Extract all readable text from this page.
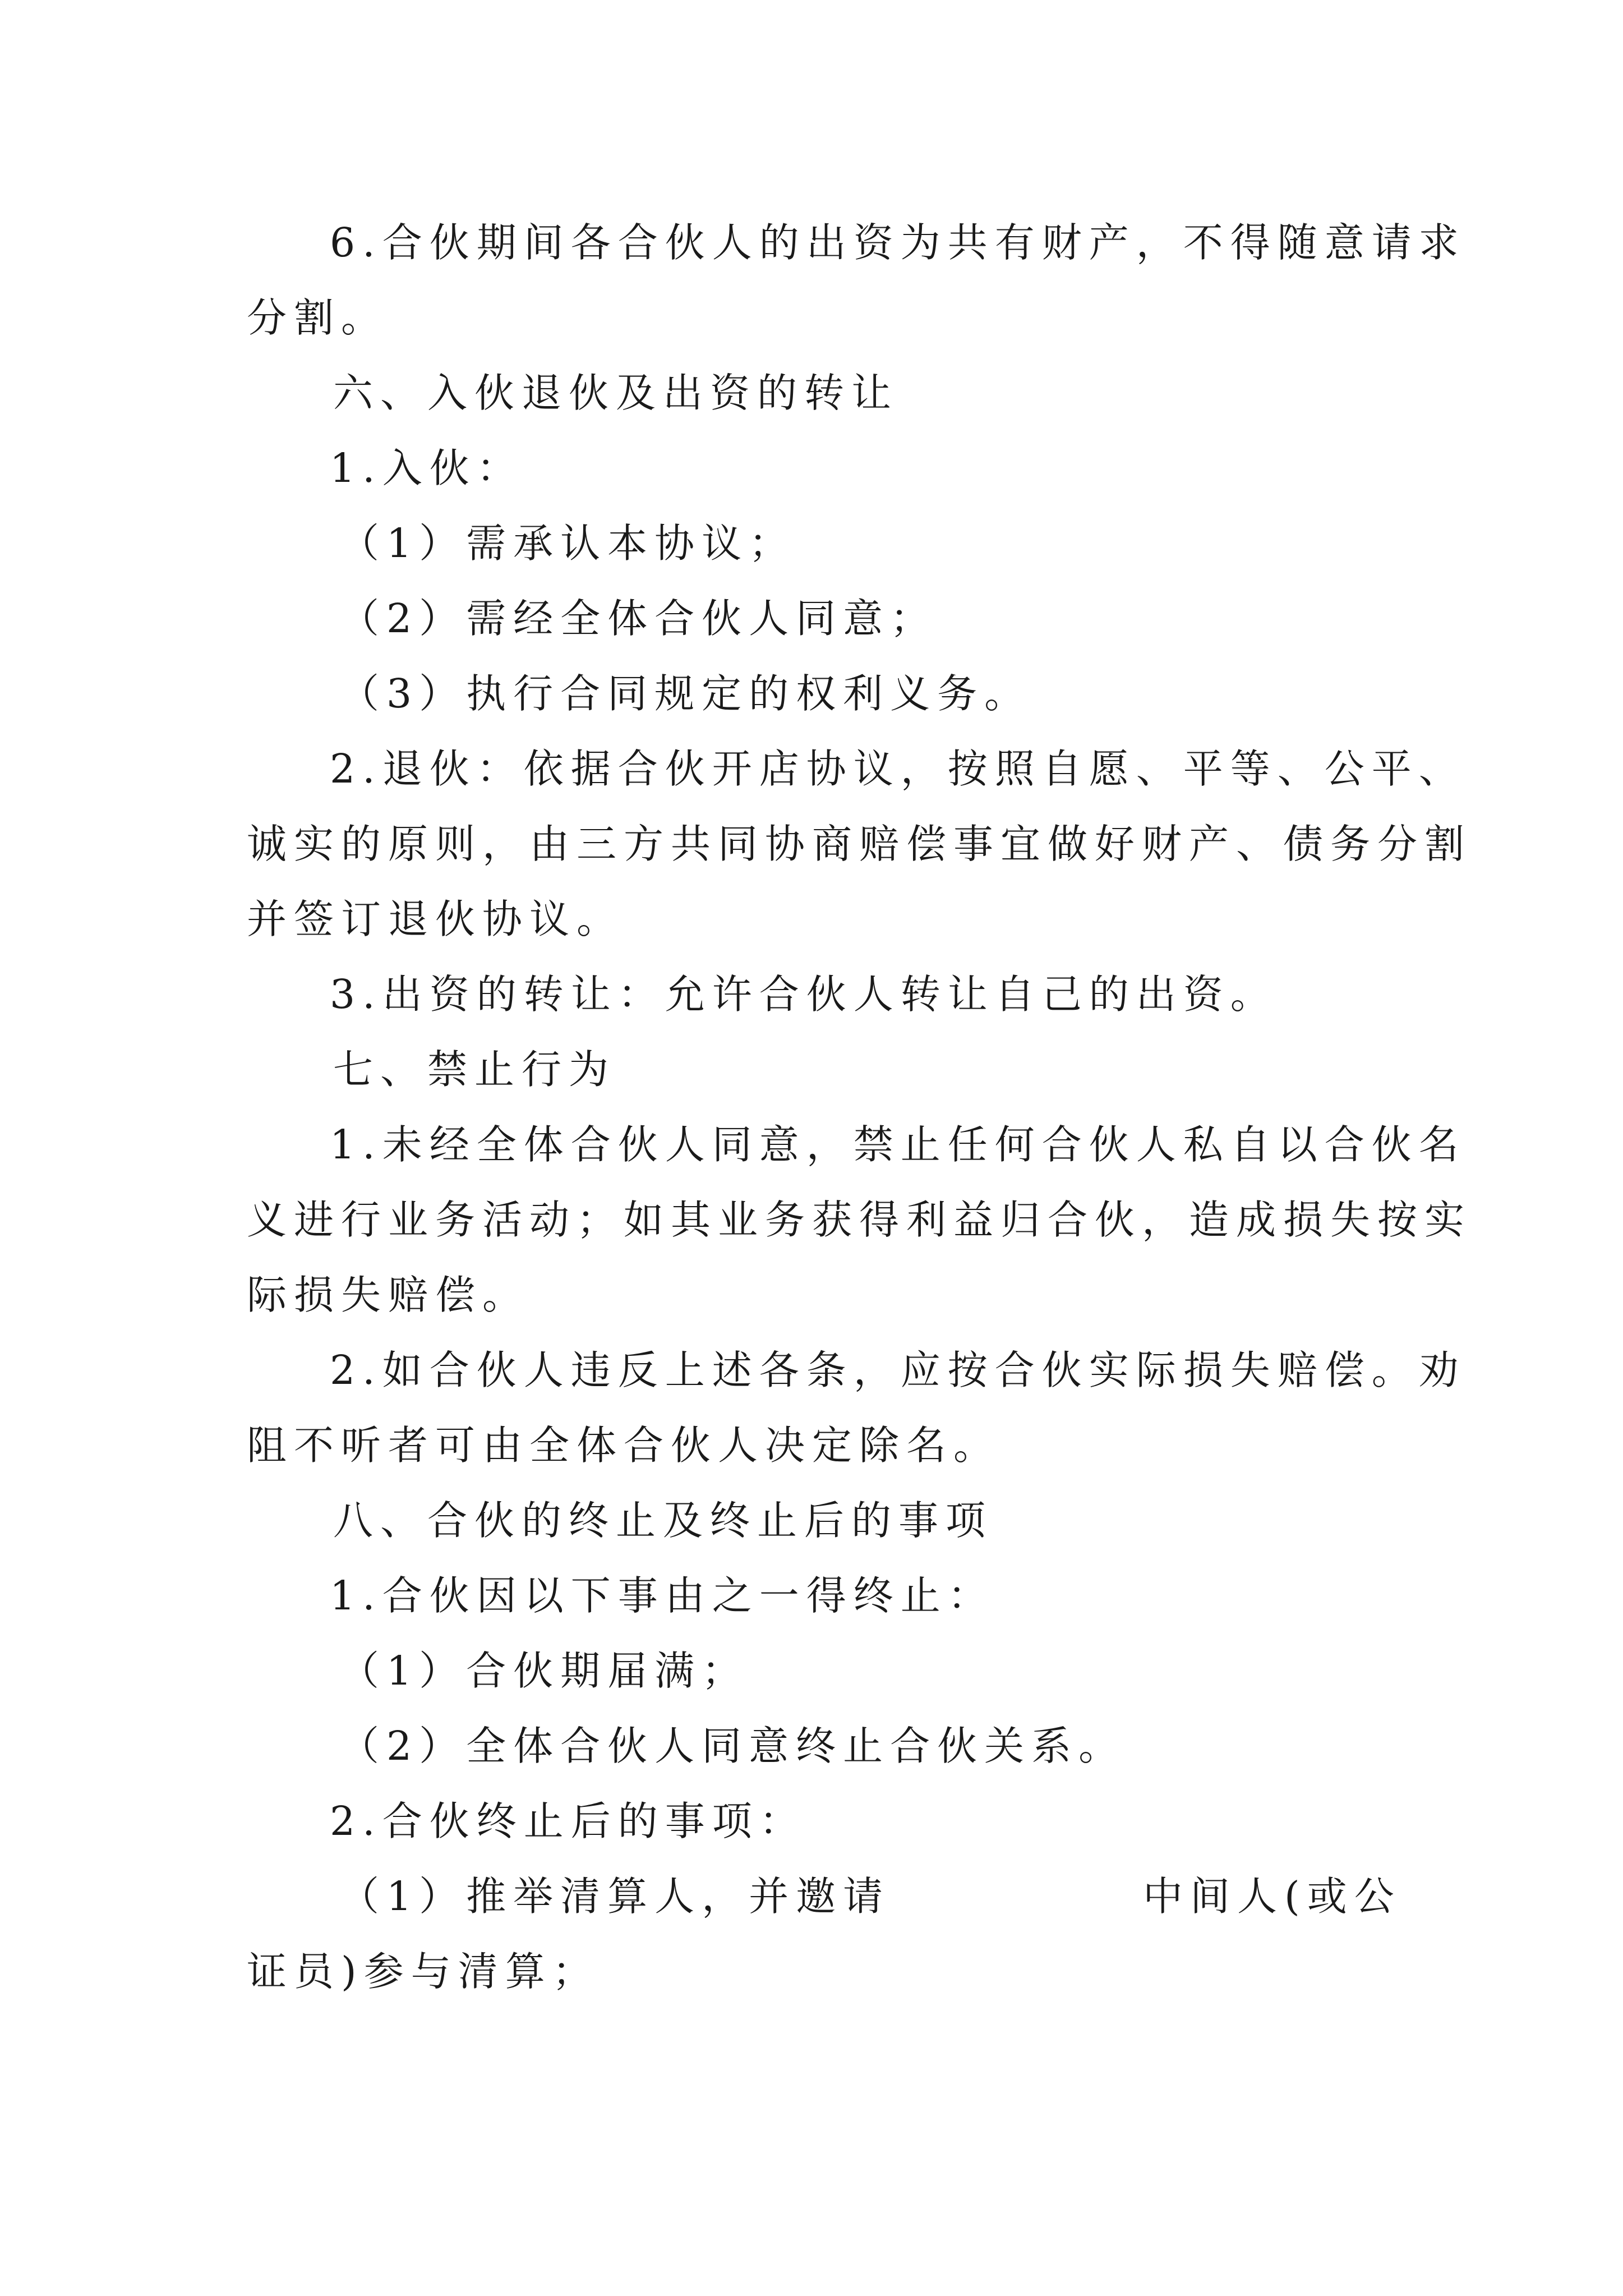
6.合伙期间各合伙人的出资为共有财产，不得随意请求
分割。
六、入伙退伙及出资的转让
1.入伙：
（1）需承认本协议；
（2）需经全体合伙人同意；
（3）执行合同规定的权利义务。
2.退伙：依据合伙开店协议，按照自愿、平等、公平、
诚实的原则，由三方共同协商赔偿事宜做好财产、债务分割
并签订退伙协议。
3.出资的转让：允许合伙人转让自己的出资。
七、禁止行为
1.未经全体合伙人同意，禁止任何合伙人私自以合伙名
义进行业务活动；如其业务获得利益归合伙，造成损失按实
际损失赔偿。
2.如合伙人违反上述各条，应按合伙实际损失赔偿。劝
阻不听者可由全体合伙人决定除名。
八、合伙的终止及终止后的事项
1.合伙因以下事由之一得终止：
（1）合伙期届满；
（2）全体合伙人同意终止合伙关系。
2.合伙终止后的事项：
（1）推举清算人，并邀请	中间人(或公
证员)参与清算；
